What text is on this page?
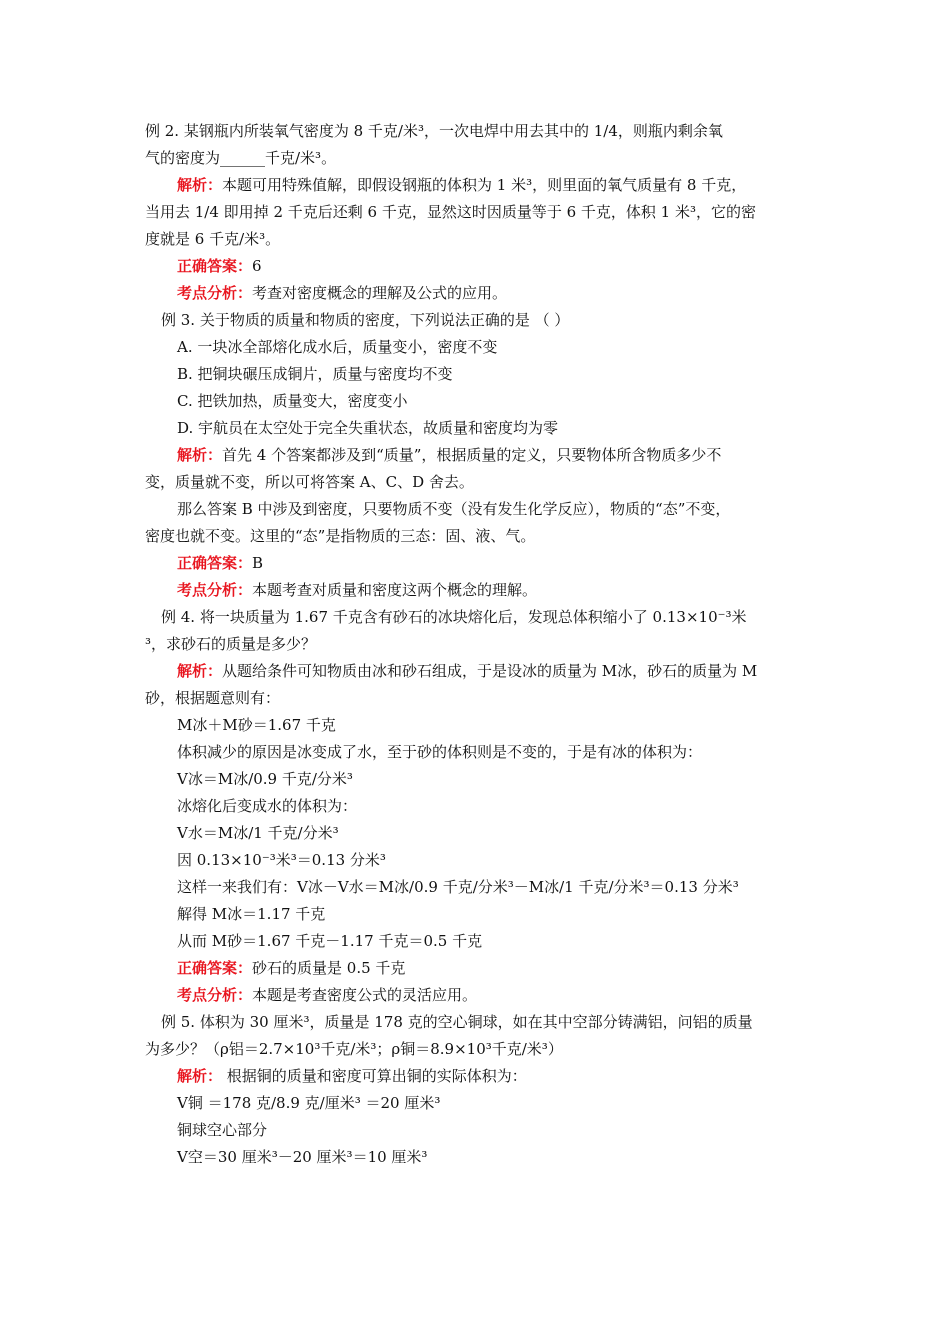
例 2. 某钢瓶内所装氧气密度为 8 千克/米³，一次电焊中用去其中的 1/4，则瓶内剩余氧
气的密度为______千克/米³。
解析：本题可用特殊值解，即假设钢瓶的体积为 1 米³，则里面的氧气质量有 8 千克，
当用去 1/4 即用掉 2 千克后还剩 6 千克，显然这时因质量等于 6 千克，体积 1 米³，它的密
度就是 6 千克/米³。
正确答案：6
考点分析：考查对密度概念的理解及公式的应用。
例 3. 关于物质的质量和物质的密度，下列说法正确的是 （ ）
A. 一块冰全部熔化成水后，质量变小，密度不变
B. 把铜块碾压成铜片，质量与密度均不变
C. 把铁加热，质量变大，密度变小
D. 宇航员在太空处于完全失重状态，故质量和密度均为零
解析：首先 4 个答案都涉及到“质量”，根据质量的定义，只要物体所含物质多少不
变，质量就不变，所以可将答案 A、C、D 舍去。
那么答案 B 中涉及到密度，只要物质不变（没有发生化学反应），物质的“态”不变，
密度也就不变。这里的“态”是指物质的三态：固、液、气。
正确答案：B
考点分析：本题考查对质量和密度这两个概念的理解。
例 4. 将一块质量为 1.67 千克含有砂石的冰块熔化后，发现总体积缩小了 0.13×10⁻³米
³，求砂石的质量是多少？
解析：从题给条件可知物质由冰和砂石组成，于是设冰的质量为 M冰，砂石的质量为 M
砂，根据题意则有：
M冰＋M砂＝1.67 千克
体积减少的原因是冰变成了水，至于砂的体积则是不变的，于是有冰的体积为：
V冰＝M冰/0.9 千克/分米³
冰熔化后变成水的体积为：
V水＝M冰/1 千克/分米³
因 0.13×10⁻³米³＝0.13 分米³
这样一来我们有：V冰－V水＝M冰/0.9 千克/分米³－M冰/1 千克/分米³＝0.13 分米³
解得 M冰＝1.17 千克
从而 M砂＝1.67 千克－1.17 千克＝0.5 千克
正确答案：砂石的质量是 0.5 千克
考点分析：本题是考查密度公式的灵活应用。
例 5. 体积为 30 厘米³，质量是 178 克的空心铜球，如在其中空部分铸满铝，问铝的质量
为多少？（ρ铝＝2.7×10³千克/米³；ρ铜＝8.9×10³千克/米³）
解析： 根据铜的质量和密度可算出铜的实际体积为：
V铜 ＝178 克/8.9 克/厘米³ ＝20 厘米³
铜球空心部分
V空＝30 厘米³－20 厘米³＝10 厘米³
